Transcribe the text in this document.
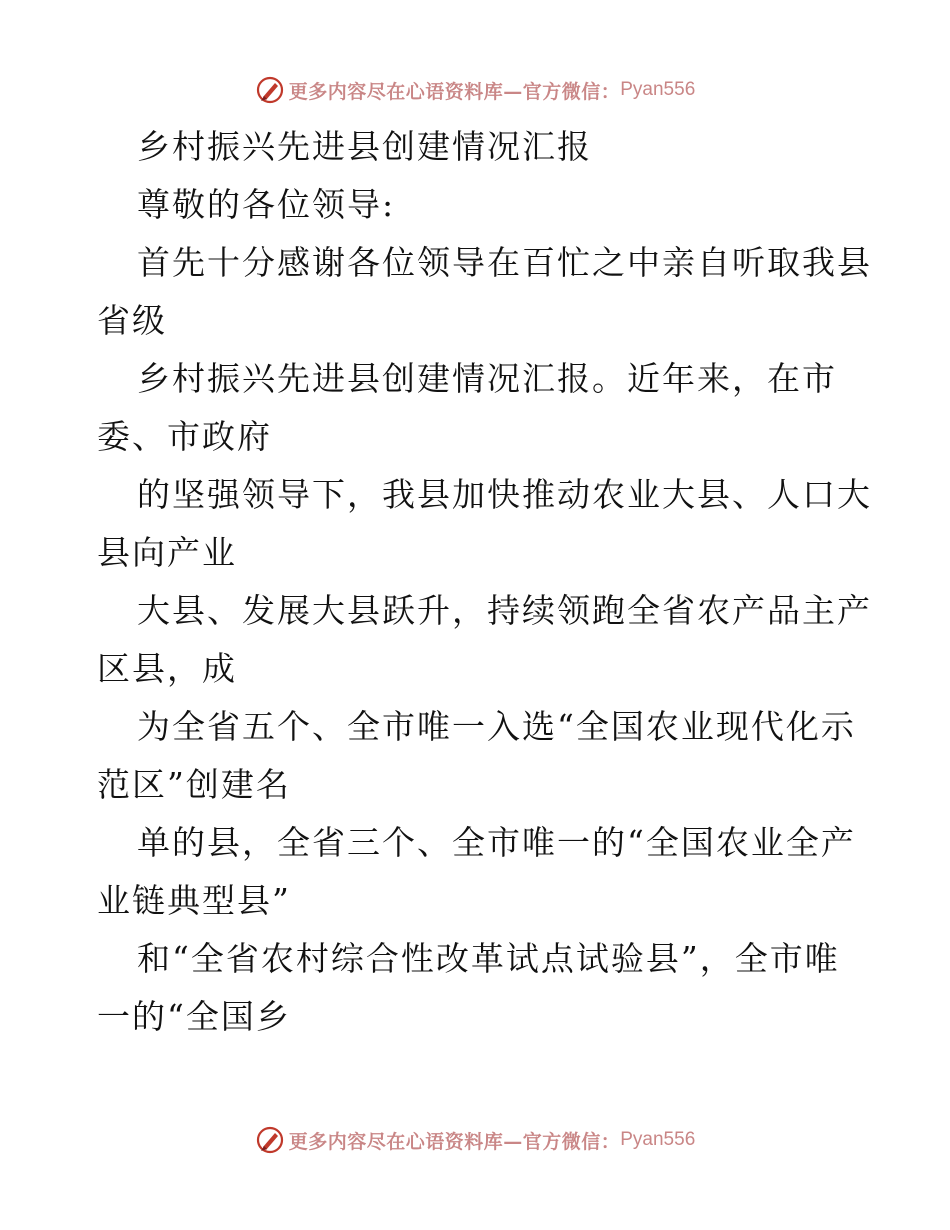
更多内容尽在心语资料库—官方微信： Pyan556
乡村振兴先进县创建情况汇报
尊敬的各位领导:
首先十分感谢各位领导在百忙之中亲自听取我县
省级
乡村振兴先进县创建情况汇报。近年来，在市
委、市政府
的坚强领导下，我县加快推动农业大县、人口大
县向产业
大县、发展大县跃升，持续领跑全省农产品主产
区县，成
为全省五个、全市唯一入选“全国农业现代化示
范区”创建名
单的县，全省三个、全市唯一的“全国农业全产
业链典型县”
和“全省农村综合性改革试点试验县”，全市唯
一的“全国乡
更多内容尽在心语资料库—官方微信： Pyan556
